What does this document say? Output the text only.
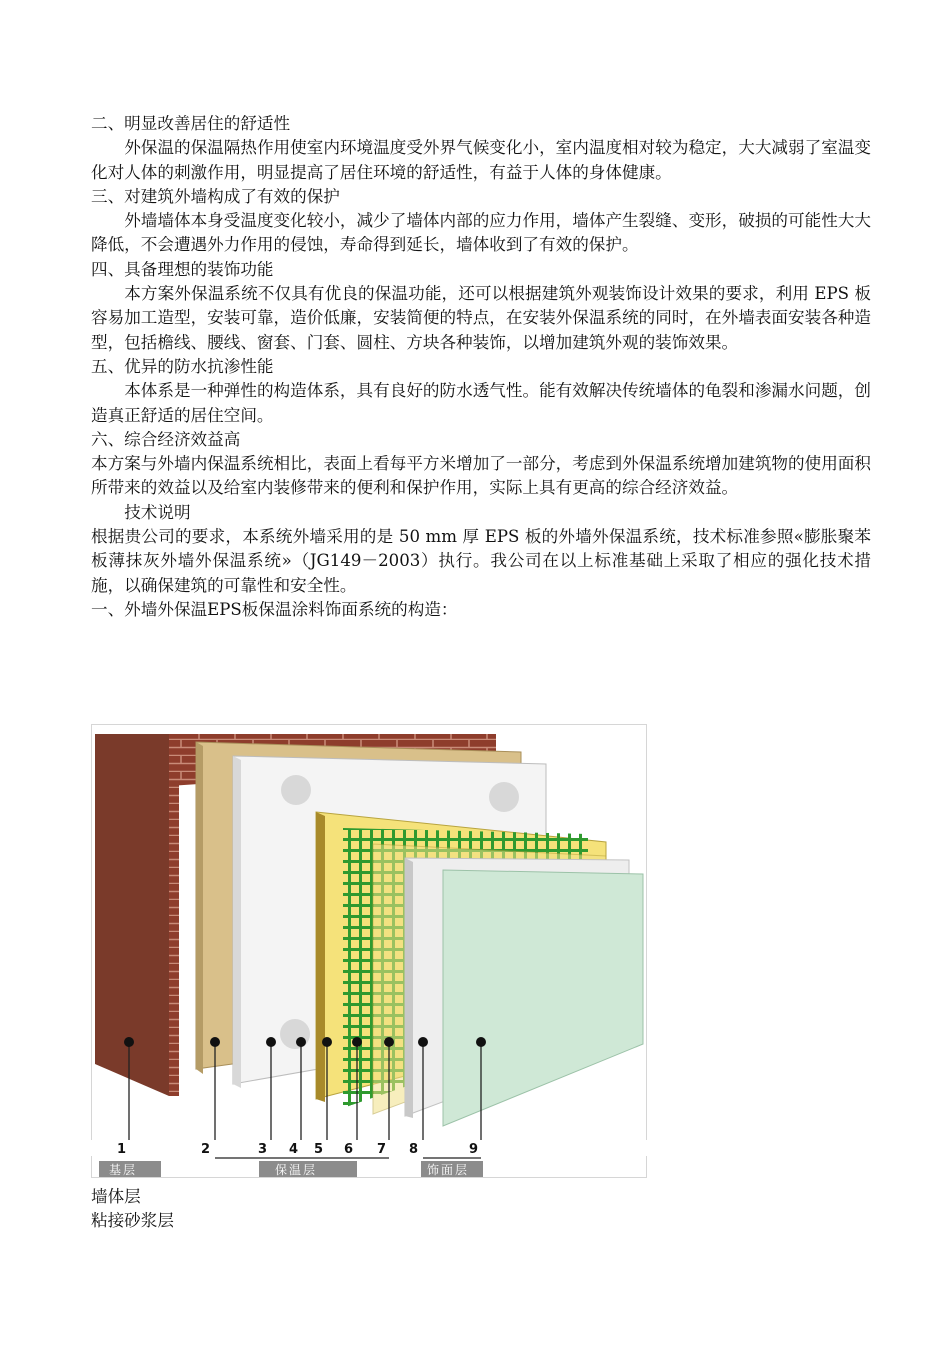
二、明显改善居住的舒适性

外保温的保温隔热作用使室内环境温度受外界气候变化小，室内温度相对较为稳定，大大减弱了室温变化对人体的刺激作用，明显提高了居住环境的舒适性，有益于人体的身体健康。

三、对建筑外墙构成了有效的保护

外墙墙体本身受温度变化较小，减少了墙体内部的应力作用，墙体产生裂缝、变形，破损的可能性大大降低，不会遭遇外力作用的侵蚀，寿命得到延长，墙体收到了有效的保护。

四、具备理想的装饰功能

本方案外保温系统不仅具有优良的保温功能，还可以根据建筑外观装饰设计效果的要求，利用 EPS 板容易加工造型，安装可靠，造价低廉，安装简便的特点，在安装外保温系统的同时，在外墙表面安装各种造型，包括檐线、腰线、窗套、门套、圆柱、方块各种装饰，以增加建筑外观的装饰效果。

五、优异的防水抗渗性能

本体系是一种弹性的构造体系，具有良好的防水透气性。能有效解决传统墙体的龟裂和渗漏水问题，创造真正舒适的居住空间。

六、综合经济效益高

本方案与外墙内保温系统相比，表面上看每平方米增加了一部分，考虑到外保温系统增加建筑物的使用面积所带来的效益以及给室内装修带来的便利和保护作用，实际上具有更高的综合经济效益。

技术说明

根据贵公司的要求，本系统外墙采用的是 50 mm 厚 EPS 板的外墙外保温系统，技术标准参照«膨胀聚苯板薄抹灰外墙外保温系统»（JG149－2003）执行。我公司在以上标准基础上采取了相应的强化技术措施，以确保建筑的可靠性和安全性。

一、外墙外保温EPS板保温涂料饰面系统的构造：

1	2	3 4 5 6 7 8	9
基层	保温层	饰面层

墙体层

粘接砂浆层
